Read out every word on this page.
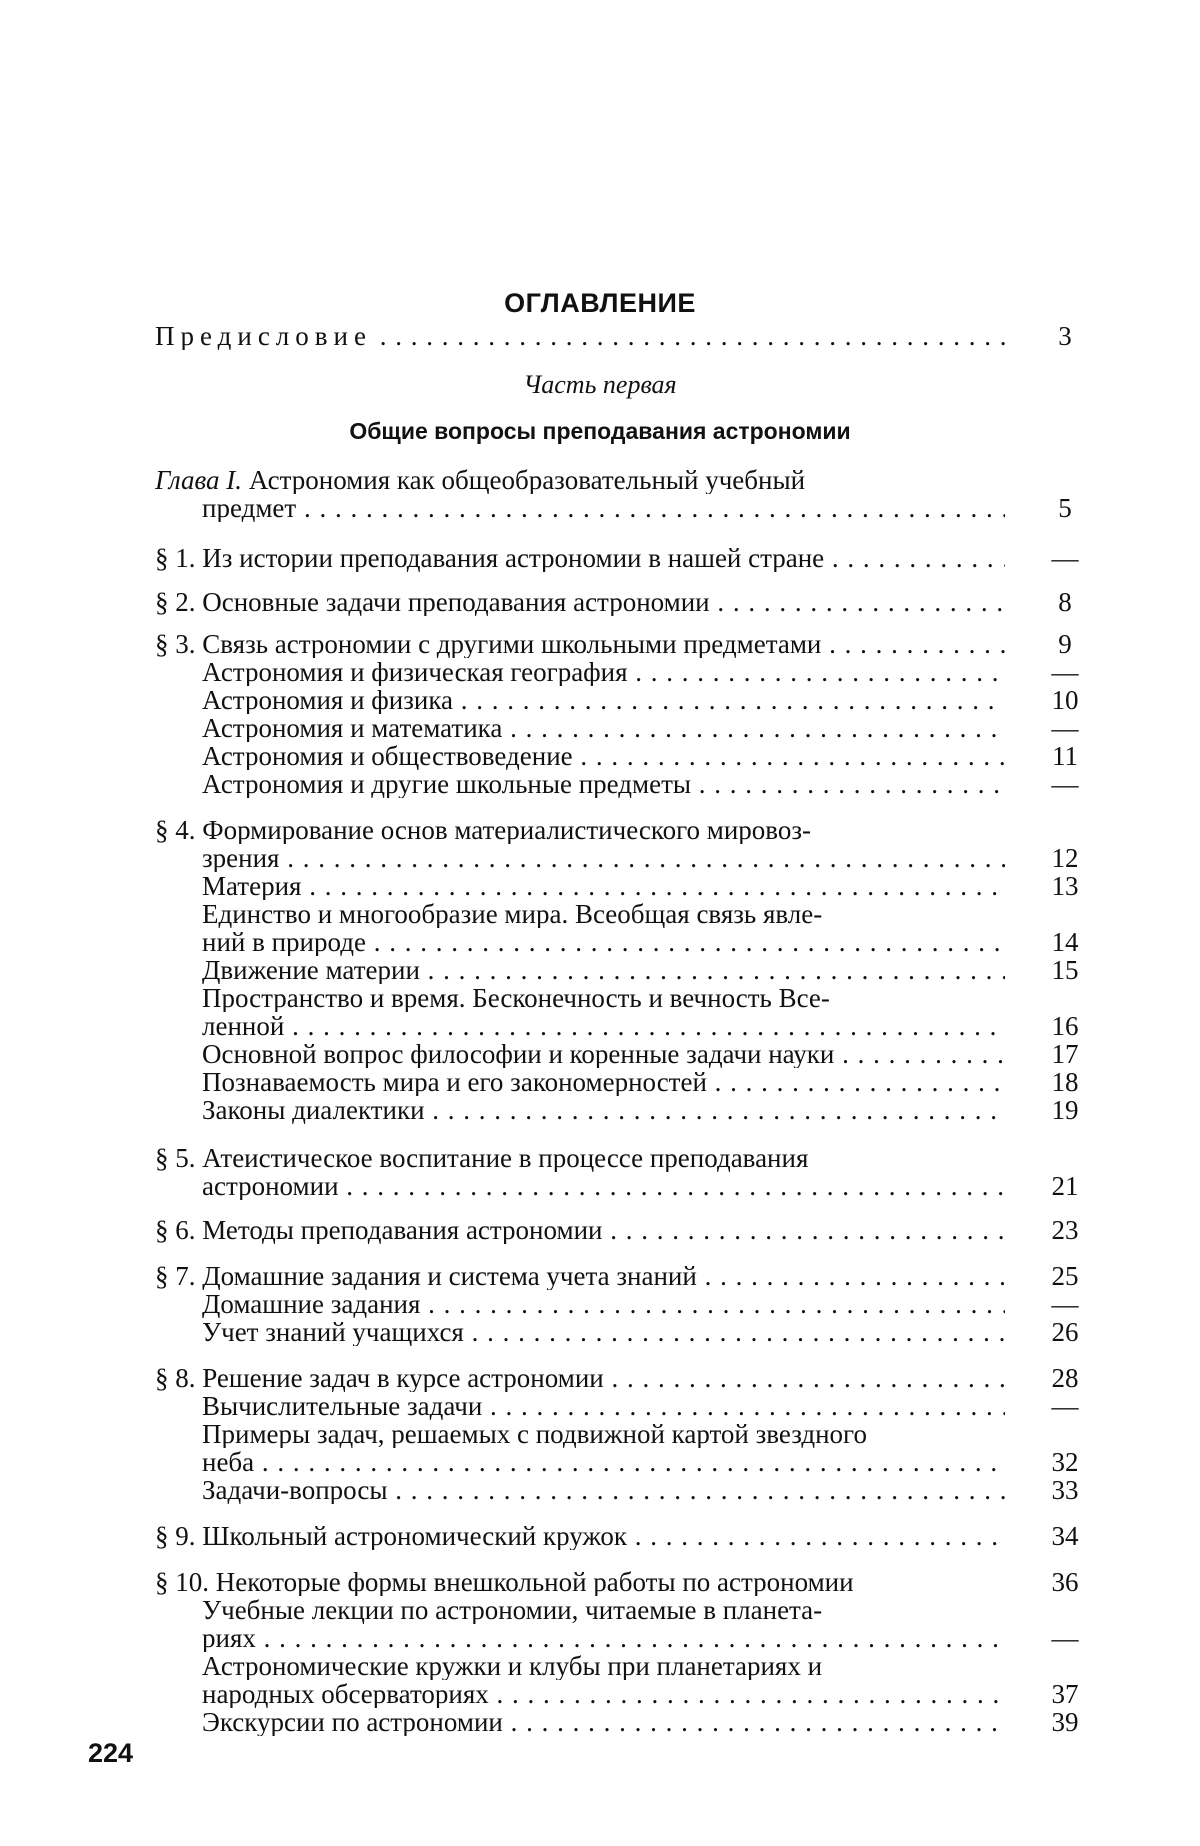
ОГЛАВЛЕНИЕ
Предисловие . . .	3
Часть первая
Общие вопросы преподавания астрономии
Глава I. Астрономия как общеобразовательный учебный
предмет . . .	5
§ 1. Из истории преподавания астрономии в нашей стране . . .	—
§ 2. Основные задачи преподавания астрономии . . .	8
§ 3. Связь астрономии с другими школьными предметами . . .	9
Астрономия и физическая география . . .	—
Астрономия и физика . . .	10
Астрономия и математика . . .	—
Астрономия и обществоведение . . .	11
Астрономия и другие школьные предметы . . .	—
§ 4. Формирование основ материалистического мировоз-
зрения . . .	12
Материя . . .	13
Единство и многообразие мира. Всеобщая связь явле-
ний в природе . . .	14
Движение материи . . .	15
Пространство и время. Бесконечность и вечность Все-
ленной . . .	16
Основной вопрос философии и коренные задачи науки . . .	17
Познаваемость мира и его закономерностей . . .	18
Законы диалектики . . .	19
§ 5. Атеистическое воспитание в процессе преподавания
астрономии . . .	21
§ 6. Методы преподавания астрономии . . .	23
§ 7. Домашние задания и система учета знаний . . .	25
Домашние задания . . .	—
Учет знаний учащихся . . .	26
§ 8. Решение задач в курсе астрономии . . .	28
Вычислительные задачи . . .	—
Примеры задач, решаемых с подвижной картой звездного
неба . . .	32
Задачи-вопросы . . .	33
§ 9. Школьный астрономический кружок . . .	34
§ 10. Некоторые формы внешкольной работы по астрономии	36
Учебные лекции по астрономии, читаемые в планета-
риях . . .	—
Астрономические кружки и клубы при планетариях и
народных обсерваториях . . .	37
Экскурсии по астрономии . . .	39
224
